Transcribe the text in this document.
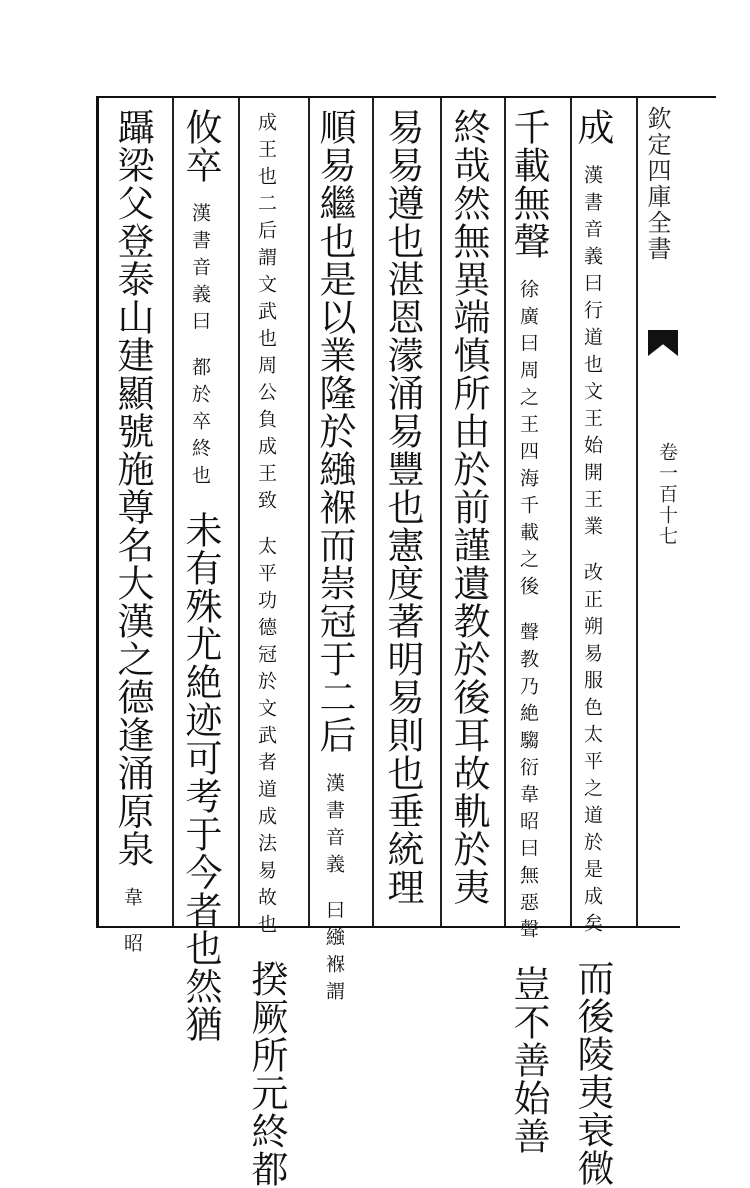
欽定四庫全書
卷一百十七
成 漢書音義曰行道也文王始開王業 改正朔易服色太平之道於是成矣 而後陵夷衰微
千載無聲 徐廣曰周之王四海千載之後 聲教乃絶騶衍韋昭曰無惡聲 豈不善始善
終哉然無異端慎所由於前謹遺教於後耳故軌於夷
易易遵也湛恩濛涌易豐也憲度著明易則也垂統理
順易繼也是以業隆於繈褓而崇冠于二后 漢書音義 曰繈褓謂
成王也二后謂文武也周公負成王致 太平功德冠於文武者道成法易故也 揆厥所元終都
攸卒 漢書音義曰 都於卒終也 未有殊尤絶迹可考于今者也然猶
躡梁父登泰山建顯號施尊名大漢之德逢涌原泉 韋 昭
